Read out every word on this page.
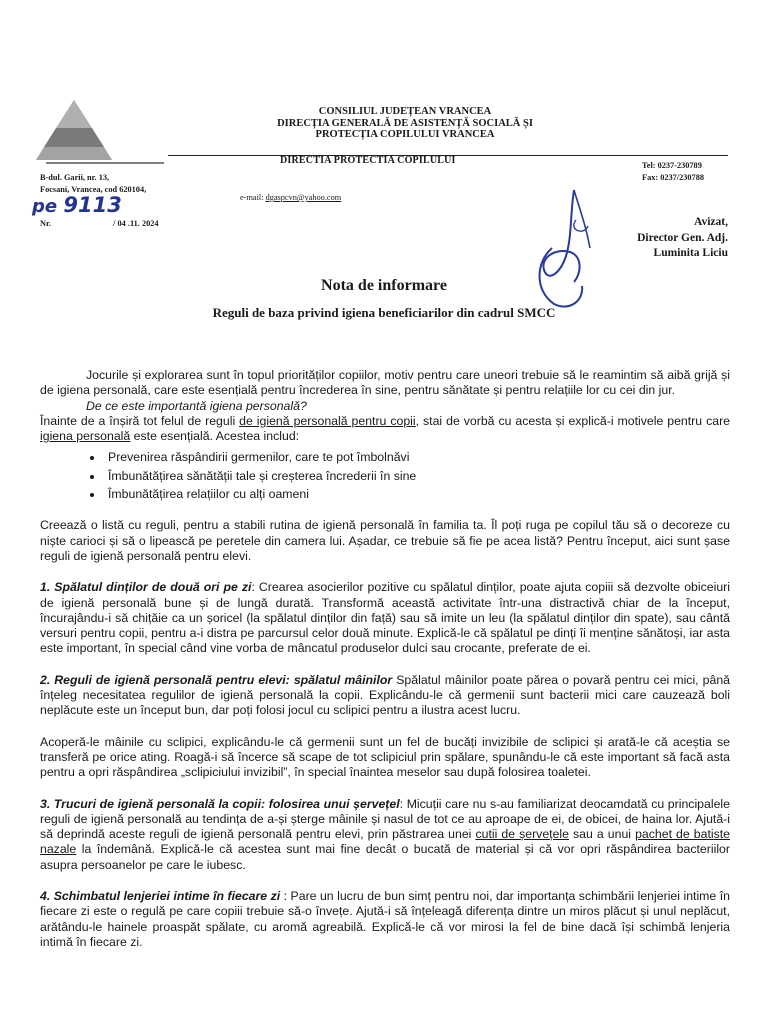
CONSILIUL JUDEȚEAN VRANCEA
DIRECȚIA GENERALĂ DE ASISTENȚĂ SOCIALĂ ȘI
PROTECȚIA COPILULUI VRANCEA
DIRECTIA PROTECTIA COPILULUI
B-dul. Garii, nr. 13,
Focsani, Vrancea, cod 620104,
Tel: 0237-230789
Fax: 0237/230788
e-mail: dgaspcvn@yahoo.com
pe 9113
Nr.	/ 04 .11. 2024	Avizat,
Director Gen. Adj.
Luminita Liciu
Nota de informare
Reguli de baza privind igiena beneficiarilor din cadrul SMCC

Jocurile și explorarea sunt în topul priorităților copiilor, motiv pentru care uneori trebuie să le reamintim să aibă grijă și de igiena personală, care este esențială pentru încrederea în sine, pentru sănătate și pentru relațiile lor cu cei din jur.

De ce este importantă igiena personală?

Înainte de a înșiră tot felul de reguli de igienă personală pentru copii, stai de vorbă cu acesta și explică-i motivele pentru care igiena personală este esențială. Acestea includ:

• Prevenirea răspândirii germenilor, care te pot îmbolnăvi
• Îmbunătățirea sănătății tale și creșterea încrederii în sine
• Îmbunătățirea relațiilor cu alți oameni

Creează o listă cu reguli, pentru a stabili rutina de igienă personală în familia ta. Îl poți ruga pe copilul tău să o decoreze cu niște carioci și să o lipească pe peretele din camera lui. Așadar, ce trebuie să fie pe acea listă? Pentru început, aici sunt șase reguli de igienă personală pentru elevi.

1. Spălatul dinților de două ori pe zi: Crearea asocierilor pozitive cu spălatul dinților, poate ajuta copiii să dezvolte obiceiuri de igienă personală bune și de lungă durată. Transformă această activitate într-una distractivă chiar de la început, încurajându-i să chițăie ca un șoricel (la spălatul dinților din față) sau să imite un leu (la spălatul dinților din spate), sau cântă versuri pentru copii, pentru a-i distra pe parcursul celor două minute. Explică-le că spălatul pe dinți îi menține sănătoși, iar asta este important, în special când vine vorba de mâncatul produselor dulci sau crocante, preferate de ei.

2. Reguli de igienă personală pentru elevi: spălatul mâinilor Spălatul mâinilor poate părea o povară pentru cei mici, până înțeleg necesitatea regulilor de igienă personală la copii. Explicându-le că germenii sunt bacterii mici care cauzează boli neplăcute este un început bun, dar poți folosi jocul cu sclipici pentru a ilustra acest lucru.

Acoperă-le mâinile cu sclipici, explicându-le că germenii sunt un fel de bucăți invizibile de sclipici și arată-le că aceștia se transferă pe orice ating. Roagă-i să încerce să scape de tot sclipiciul prin spălare, spunându-le că este important să facă asta pentru a opri răspândirea „sclipiciului invizibil”, în special înaintea meselor sau după folosirea toaletei.

3. Trucuri de igienă personală la copii: folosirea unui șervețel: Micuții care nu s-au familiarizat deocamdată cu principalele reguli de igienă personală au tendința de a-și șterge mâinile și nasul de tot ce au aproape de ei, de obicei, de haina lor. Ajută-i să deprindă aceste reguli de igienă personală pentru elevi, prin păstrarea unei cutii de șervețele sau a unui pachet de batiste nazale la îndemână. Explică-le că acestea sunt mai fine decât o bucată de material și că vor opri răspândirea bacteriilor asupra persoanelor pe care le iubesc.

4. Schimbatul lenjeriei intime în fiecare zi : Pare un lucru de bun simț pentru noi, dar importanța schimbării lenjeriei intime în fiecare zi este o regulă pe care copiii trebuie să-o învețe. Ajută-i să înțeleagă diferența dintre un miros plăcut și unul neplăcut, arătându-le hainele proaspăt spălate, cu aromă agreabilă. Explică-le că vor mirosi la fel de bine dacă își schimbă lenjeria intimă în fiecare zi.
